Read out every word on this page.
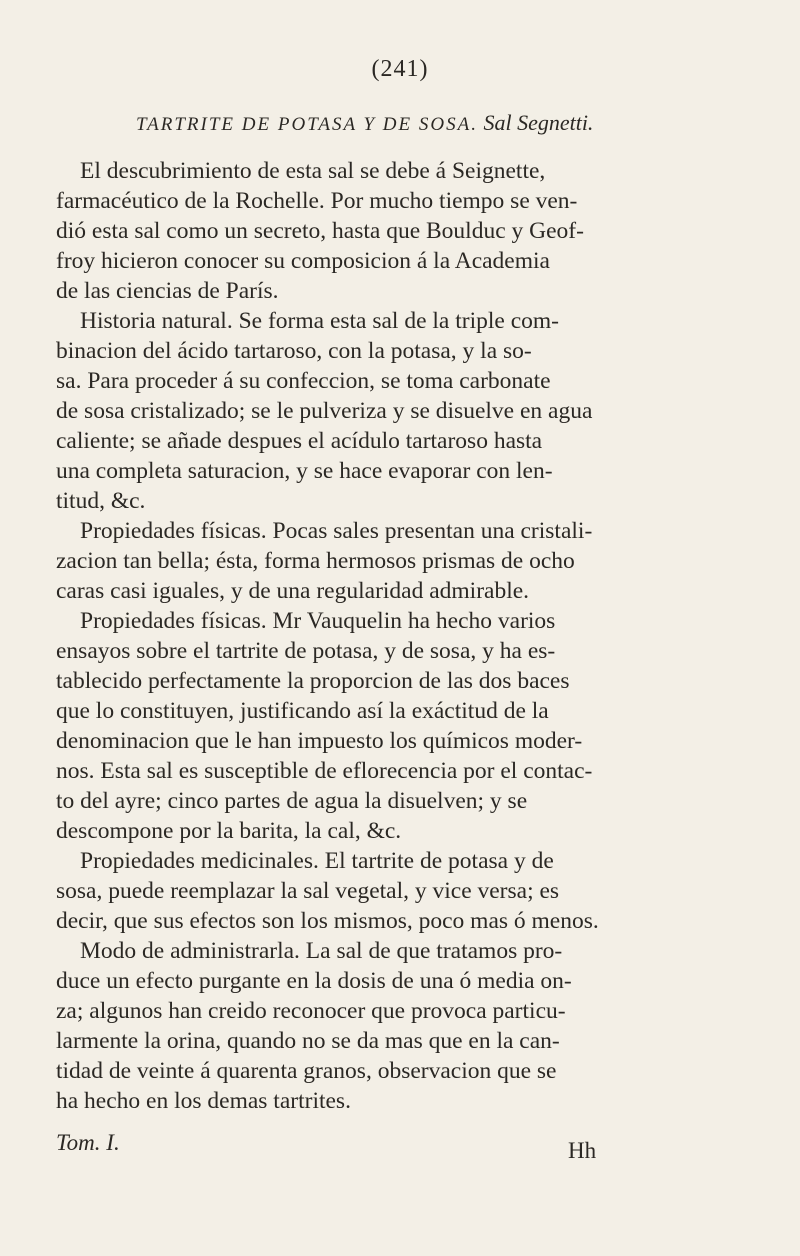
(241)
TARTRITE DE POTASA Y DE SOSA. Sal Segnetti.
El descubrimiento de esta sal se debe á Seignette,
farmacéutico de la Rochelle. Por mucho tiempo se ven-
dió esta sal como un secreto, hasta que Boulduc y Geof-
froy hicieron conocer su composicion á la Academia
de las ciencias de París.
Historia natural. Se forma esta sal de la triple com-
binacion del ácido tartaroso, con la potasa, y la so-
sa. Para proceder á su confeccion, se toma carbonate
de sosa cristalizado; se le pulveriza y se disuelve en agua
caliente; se añade despues el acídulo tartaroso hasta
una completa saturacion, y se hace evaporar con len-
titud, &c.
Propiedades físicas. Pocas sales presentan una cristali-
zacion tan bella; ésta, forma hermosos prismas de ocho
caras casi iguales, y de una regularidad admirable.
Propiedades físicas. Mr Vauquelin ha hecho varios
ensayos sobre el tartrite de potasa, y de sosa, y ha es-
tablecido perfectamente la proporcion de las dos baces
que lo constituyen, justificando así la exáctitud de la
denominacion que le han impuesto los químicos moder-
nos. Esta sal es susceptible de eflorecencia por el contac-
to del ayre; cinco partes de agua la disuelven; y se
descompone por la barita, la cal, &c.
Propiedades medicinales. El tartrite de potasa y de
sosa, puede reemplazar la sal vegetal, y vice versa; es
decir, que sus efectos son los mismos, poco mas ó menos.
Modo de administrarla. La sal de que tratamos pro-
duce un efecto purgante en la dosis de una ó media on-
za; algunos han creido reconocer que provoca particu-
larmente la orina, quando no se da mas que en la can-
tidad de veinte á quarenta granos, observacion que se
ha hecho en los demas tartrites.
Tom. I.	Hh
